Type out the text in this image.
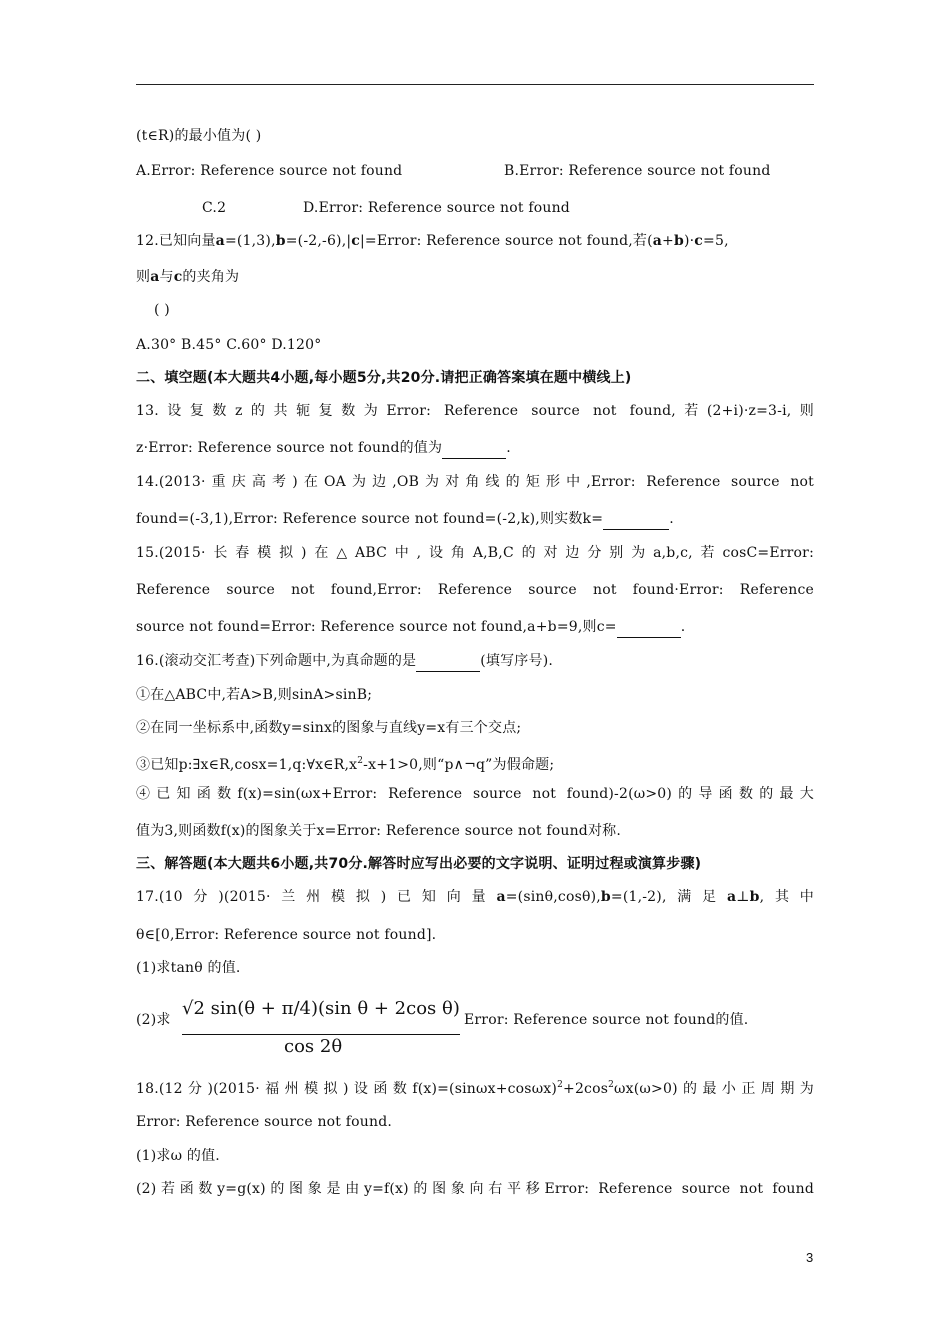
(t∈R)的最小值为( )
A.Error: Reference source not found	B.Error: Reference source not found
C.2	D.Error: Reference source not found
12.已知向量a=(1,3),b=(-2,-6),|c|=Error: Reference source not found,若(a+b)·c=5,
则a与c的夹角为
( )
A.30° B.45° C.60° D.120°
二、填空题(本大题共4小题,每小题5分,共20分.请把正确答案填在题中横线上)
13.设复数z的共轭复数为Error: Reference source not found,若(2+i)·z=3-i,则
z·Error: Reference source not found的值为	.
14.(2013·重庆高考)在OA为边,OB为对角线的矩形中,Error: Reference source not
found=(-3,1),Error: Reference source not found=(-2,k),则实数k=	.
15.(2015·长春模拟)在△ABC中,设角A,B,C的对边分别为a,b,c,若cosC=Error:
Reference source not found,Error: Reference source not found·Error: Reference
source not found=Error: Reference source not found,a+b=9,则c=	.
16.(滚动交汇考查)下列命题中,为真命题的是	(填写序号).
①在△ABC中,若A>B,则sinA>sinB;
②在同一坐标系中,函数y=sinx的图象与直线y=x有三个交点;
③已知$p:\exists x\in R,\cos x=1,q:\forall x\in R,x^2-x+1>0$,则“p∧¬q”为假命题;
④已知函数f(x)=sin(ωx+Error: Reference source not found)-2(ω>0)的导函数的最大
值为3,则函数f(x)的图象关于x=Error: Reference source not found对称.
三、解答题(本大题共6小题,共70分.解答时应写出必要的文字说明、证明过程或演算步骤)
17.(10分)(2015·兰州模拟)已知向量a=(sinθ,cosθ),b=(1,-2),满足a⊥b,其中
θ∈[0,Error: Reference source not found].
(1)求tanθ 的值.
(2)求
√2 sin(θ + π/4)(sin θ + 2cos θ)
cos 2θ
Error: Reference source not found的值.
18.(12分)(2015·福州模拟)设函数$f(x)=(\sin\omega x+\cos\omega x)^2+2\cos^2\omega x(\omega>0)$的最小正周期为
Error: Reference source not found.
(1)求ω 的值.
(2)若函数y=g(x)的图象是由y=f(x)的图象向右平移Error: Reference source not found
3
